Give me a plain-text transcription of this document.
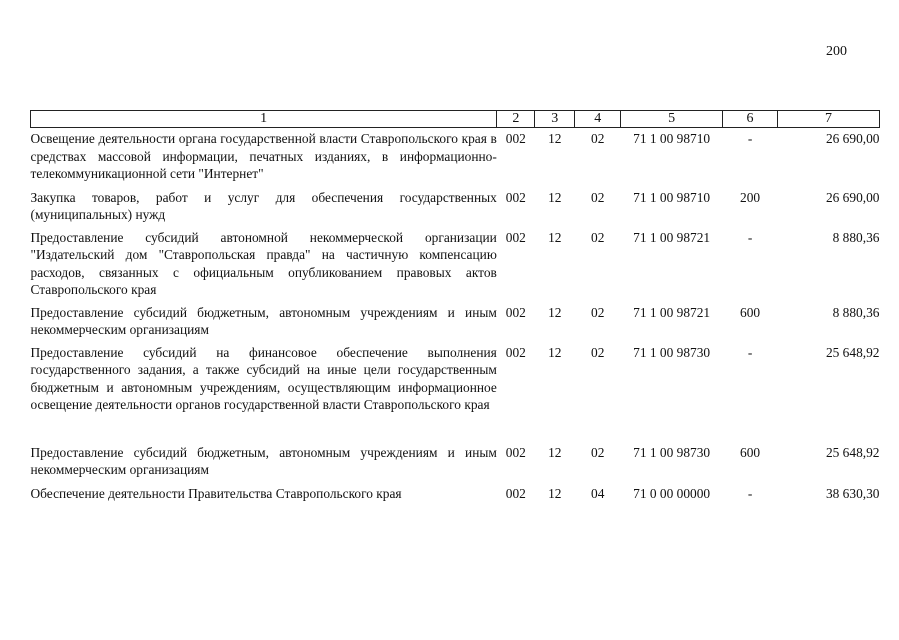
200
1	2	3	4	5	6	7
Освещение деятельности органа государственной власти Ставропольского края в средствах массовой информации, печатных изданиях, в информационно-телекоммуникационной сети "Интернет"	002	12	02	71 1 00 98710	-	26 690,00
Закупка товаров, работ и услуг для обеспечения государственных (муниципальных) нужд	002	12	02	71 1 00 98710	200	26 690,00
Предоставление субсидий автономной некоммерческой организации "Издательский дом "Ставропольская правда" на частичную компенсацию расходов, связанных с официальным опубликованием правовых актов Ставропольского края	002	12	02	71 1 00 98721	-	8 880,36
Предоставление субсидий бюджетным, автономным учреждениям и иным некоммерческим организациям	002	12	02	71 1 00 98721	600	8 880,36
Предоставление субсидий на финансовое обеспечение выполнения государственного задания, а также субсидий на иные цели государственным бюджетным и автономным учреждениям, осуществляющим информационное освещение деятельности органов государственной власти Ставропольского края	002	12	02	71 1 00 98730	-	25 648,92
Предоставление субсидий бюджетным, автономным учреждениям и иным некоммерческим организациям	002	12	02	71 1 00 98730	600	25 648,92
Обеспечение деятельности Правительства Ставропольского края	002	12	04	71 0 00 00000	-	38 630,30
